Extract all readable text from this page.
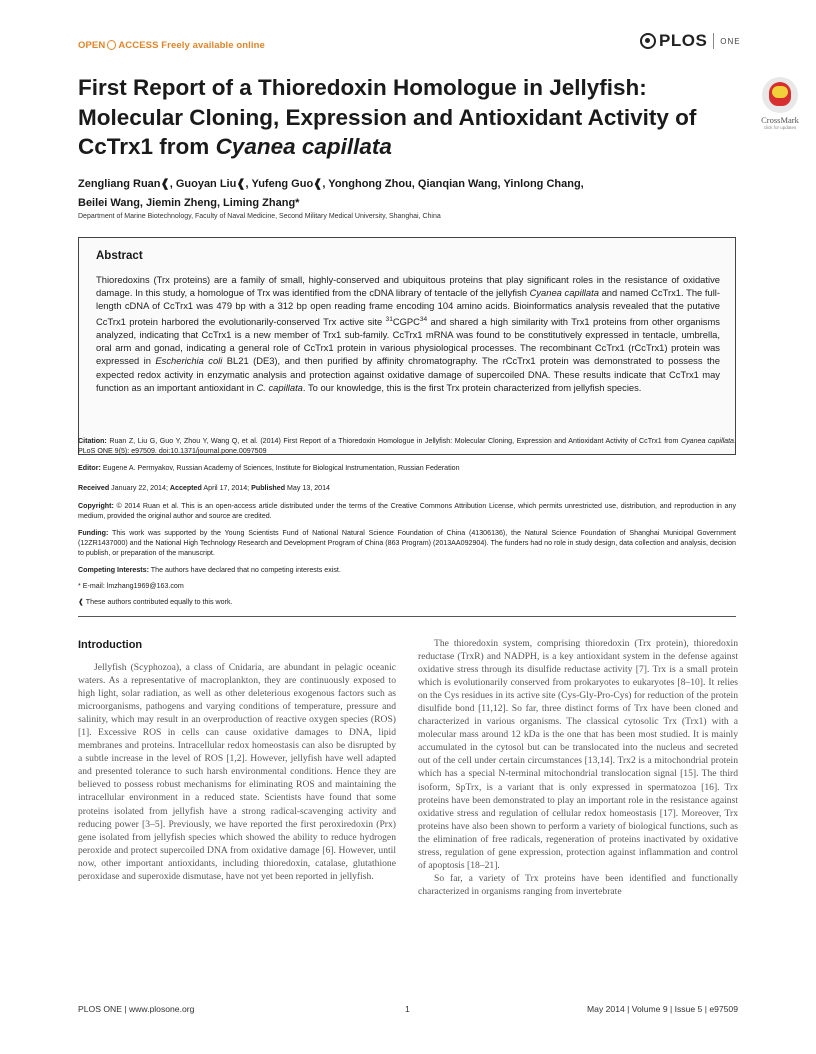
OPEN ACCESS Freely available online	PLOS ONE
First Report of a Thioredoxin Homologue in Jellyfish: Molecular Cloning, Expression and Antioxidant Activity of CcTrx1 from Cyanea capillata
CrossMark
click for updates
Zengliang Ruan❰, Guoyan Liu❰, Yufeng Guo❰, Yonghong Zhou, Qianqian Wang, Yinlong Chang,
Beilei Wang, Jiemin Zheng, Liming Zhang*
Department of Marine Biotechnology, Faculty of Naval Medicine, Second Military Medical University, Shanghai, China
Abstract
Thioredoxins (Trx proteins) are a family of small, highly-conserved and ubiquitous proteins that play significant roles in the resistance of oxidative damage. In this study, a homologue of Trx was identified from the cDNA library of tentacle of the jellyfish Cyanea capillata and named CcTrx1. The full-length cDNA of CcTrx1 was 479 bp with a 312 bp open reading frame encoding 104 amino acids. Bioinformatics analysis revealed that the putative CcTrx1 protein harbored the evolutionarily-conserved Trx active site $^{31}$CGPC$^{34}$ and shared a high similarity with Trx1 proteins from other organisms analyzed, indicating that CcTrx1 is a new member of Trx1 sub-family. CcTrx1 mRNA was found to be constitutively expressed in tentacle, umbrella, oral arm and gonad, indicating a general role of CcTrx1 protein in various physiological processes. The recombinant CcTrx1 (rCcTrx1) protein was expressed in Escherichia coli BL21 (DE3), and then purified by affinity chromatography. The rCcTrx1 protein was demonstrated to possess the expected redox activity in enzymatic analysis and protection against oxidative damage of supercoiled DNA. These results indicate that CcTrx1 may function as an important antioxidant in C. capillata. To our knowledge, this is the first Trx protein characterized from jellyfish species.
Citation: Ruan Z, Liu G, Guo Y, Zhou Y, Wang Q, et al. (2014) First Report of a Thioredoxin Homologue in Jellyfish: Molecular Cloning, Expression and Antioxidant Activity of CcTrx1 from Cyanea capillata. PLoS ONE 9(5): e97509. doi:10.1371/journal.pone.0097509
Editor: Eugene A. Permyakov, Russian Academy of Sciences, Institute for Biological Instrumentation, Russian Federation
Received January 22, 2014; Accepted April 17, 2014; Published May 13, 2014
Copyright: © 2014 Ruan et al. This is an open-access article distributed under the terms of the Creative Commons Attribution License, which permits unrestricted use, distribution, and reproduction in any medium, provided the original author and source are credited.
Funding: This work was supported by the Young Scientists Fund of National Natural Science Foundation of China (41306136), the Natural Science Foundation of Shanghai Municipal Government (12ZR1437000) and the National High Technology Research and Development Program of China (863 Program) (2013AA092904). The funders had no role in study design, data collection and analysis, decision to publish, or preparation of the manuscript.
Competing Interests: The authors have declared that no competing interests exist.
* E-mail: lmzhang1969@163.com
❰ These authors contributed equally to this work.
Introduction

Jellyfish (Scyphozoa), a class of Cnidaria, are abundant in pelagic oceanic waters. As a representative of macroplankton, they are continuously exposed to high light, solar radiation, as well as other deleterious exogenous factors such as microorganisms, pathogens and varying conditions of temperature, pressure and salinity, which may result in an overproduction of reactive oxygen species (ROS) [1]. Excessive ROS in cells can cause oxidative damages to DNA, lipid membranes and proteins. Intracellular redox homeostasis can also be disrupted by a subtle increase in the level of ROS [1,2]. However, jellyfish have well adapted and presented tolerance to such harsh environmental conditions. Hence they are believed to possess robust mechanisms for eliminating ROS and maintaining the intracellular environment in a reduced state. Scientists have found that some proteins isolated from jellyfish have a strong radical-scavenging activity and reducing power [3–5]. Previously, we have reported the first peroxiredoxin (Prx) gene isolated from jellyfish species which showed the ability to reduce hydrogen peroxide and protect supercoiled DNA from oxidative damage [6]. However, until now, other important antioxidants, including thioredoxin, catalase, glutathione peroxidase and superoxide dismutase, have not yet been reported in jellyfish.

The thioredoxin system, comprising thioredoxin (Trx protein), thioredoxin reductase (TrxR) and NADPH, is a key antioxidant system in the defense against oxidative stress through its disulfide reductase activity [7]. Trx is a small protein which is evolutionarily conserved from prokaryotes to eukaryotes [8–10]. It relies on the Cys residues in its active site (Cys-Gly-Pro-Cys) for reduction of the protein disulfide bond [11,12]. So far, three distinct forms of Trx have been cloned and characterized in various organisms. The classical cytosolic Trx (Trx1) with a molecular mass around 12 kDa is the one that has been most studied. It is mainly accumulated in the cytosol but can be translocated into the nucleus and secreted out of the cell under certain circumstances [13,14]. Trx2 is a mitochondrial protein which has a special N-terminal mitochondrial translocation signal [15]. The third isoform, SpTrx, is a variant that is only expressed in spermatozoa [16]. Trx proteins have been demonstrated to play an important role in the resistance against oxidative stress and regulation of cellular redox homeostasis [17]. Moreover, Trx proteins have also been shown to perform a variety of biological functions, such as the elimination of free radicals, regeneration of proteins inactivated by oxidative stress, regulation of gene expression, protection against inflammation and control of apoptosis [18–21].

So far, a variety of Trx proteins have been identified and functionally characterized in organisms ranging from invertebrate

PLOS ONE | www.plosone.org	1	May 2014 | Volume 9 | Issue 5 | e97509
